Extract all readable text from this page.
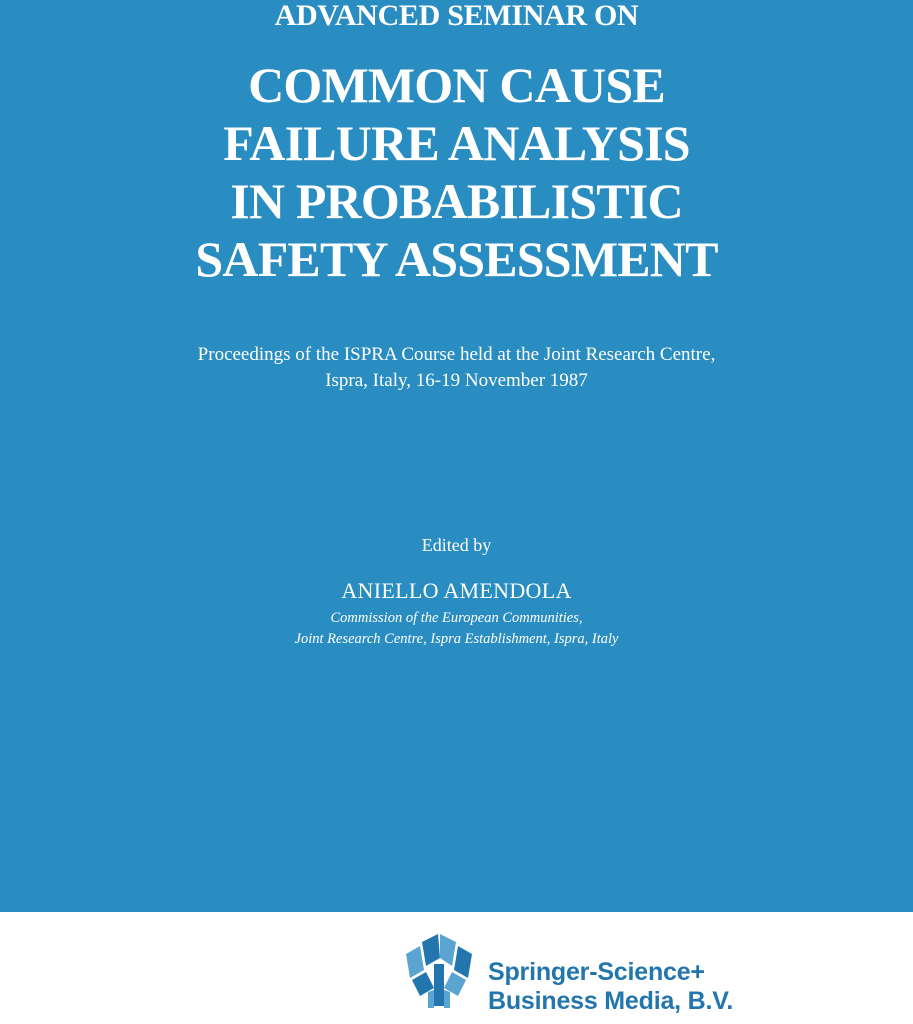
ADVANCED SEMINAR ON
COMMON CAUSE
FAILURE ANALYSIS
IN PROBABILISTIC
SAFETY ASSESSMENT
Proceedings of the ISPRA Course held at the Joint Research Centre,
Ispra, Italy, 16-19 November 1987
Edited by
ANIELLO AMENDOLA
Commission of the European Communities,
Joint Research Centre, Ispra Establishment, Ispra, Italy
Springer-Science+
Business Media, B.V.
